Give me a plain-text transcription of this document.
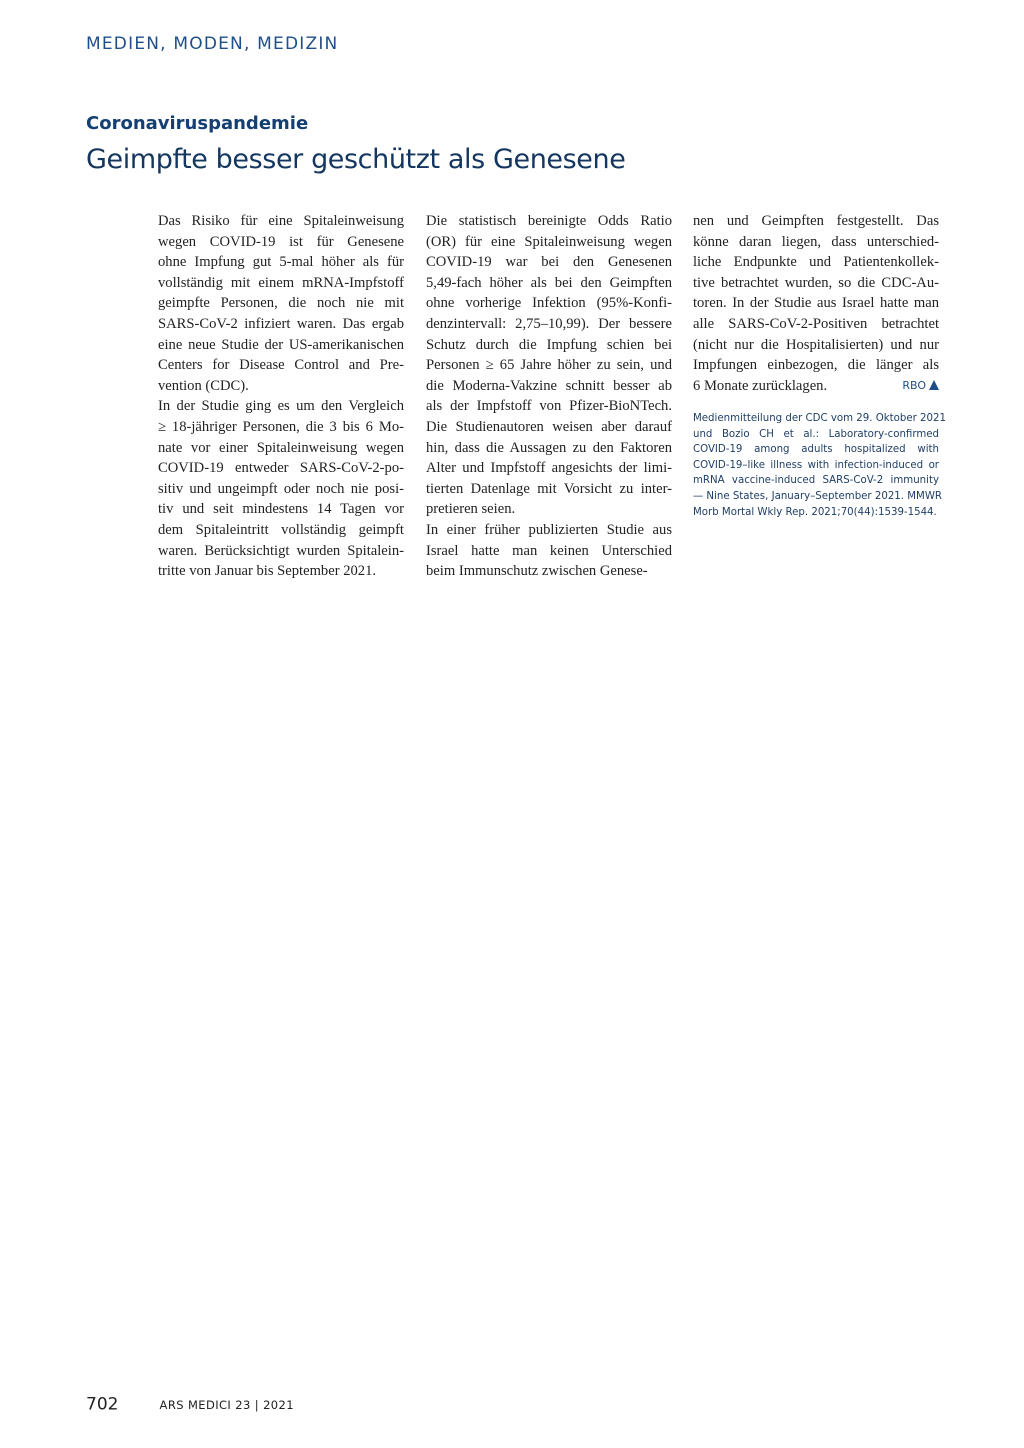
MEDIEN, MODEN, MEDIZIN
Coronaviruspandemie
Geimpfte besser geschützt als Genesene
Das Risiko für eine Spitaleinweisung
wegen COVID-19 ist für Genesene
ohne Impfung gut 5-mal höher als für
vollständig mit einem mRNA-Impfstoff
geimpfte Personen, die noch nie mit
SARS-CoV-2 infiziert waren. Das ergab
eine neue Studie der US-amerikanischen
Centers for Disease Control and Pre-
vention (CDC).
In der Studie ging es um den Vergleich
≥ 18-jähriger Personen, die 3 bis 6 Mo-
nate vor einer Spitaleinweisung wegen
COVID-19 entweder SARS-CoV-2-po-
sitiv und ungeimpft oder noch nie posi-
tiv und seit mindestens 14 Tagen vor
dem Spitaleintritt vollständig geimpft
waren. Berücksichtigt wurden Spitalein-
tritte von Januar bis September 2021.
Die statistisch bereinigte Odds Ratio
(OR) für eine Spitaleinweisung wegen
COVID-19 war bei den Genesenen
5,49-fach höher als bei den Geimpften
ohne vorherige Infektion (95%-Konfi-
denzintervall: 2,75–10,99). Der bessere
Schutz durch die Impfung schien bei
Personen ≥ 65 Jahre höher zu sein, und
die Moderna-Vakzine schnitt besser ab
als der Impfstoff von Pfizer-BioNTech.
Die Studienautoren weisen aber darauf
hin, dass die Aussagen zu den Faktoren
Alter und Impfstoff angesichts der limi-
tierten Datenlage mit Vorsicht zu inter-
pretieren seien.
In einer früher publizierten Studie aus
Israel hatte man keinen Unterschied
beim Immunschutz zwischen Genese-
nen und Geimpften festgestellt. Das
könne daran liegen, dass unterschied-
liche Endpunkte und Patientenkollek-
tive betrachtet wurden, so die CDC-Au-
toren. In der Studie aus Israel hatte man
alle SARS-CoV-2-Positiven betrachtet
(nicht nur die Hospitalisierten) und nur
Impfungen einbezogen, die länger als
6 Monate zurücklagen.	RBO
Medienmitteilung der CDC vom 29. Oktober 2021
und Bozio CH et al.: Laboratory-confirmed
COVID-19 among adults hospitalized with
COVID-19–like illness with infection-induced or
mRNA vaccine-induced SARS-CoV-2 immunity
— Nine States, January–September 2021. MMWR
Morb Mortal Wkly Rep. 2021;70(44):1539-1544.
702	ARS MEDICI 23 | 2021
